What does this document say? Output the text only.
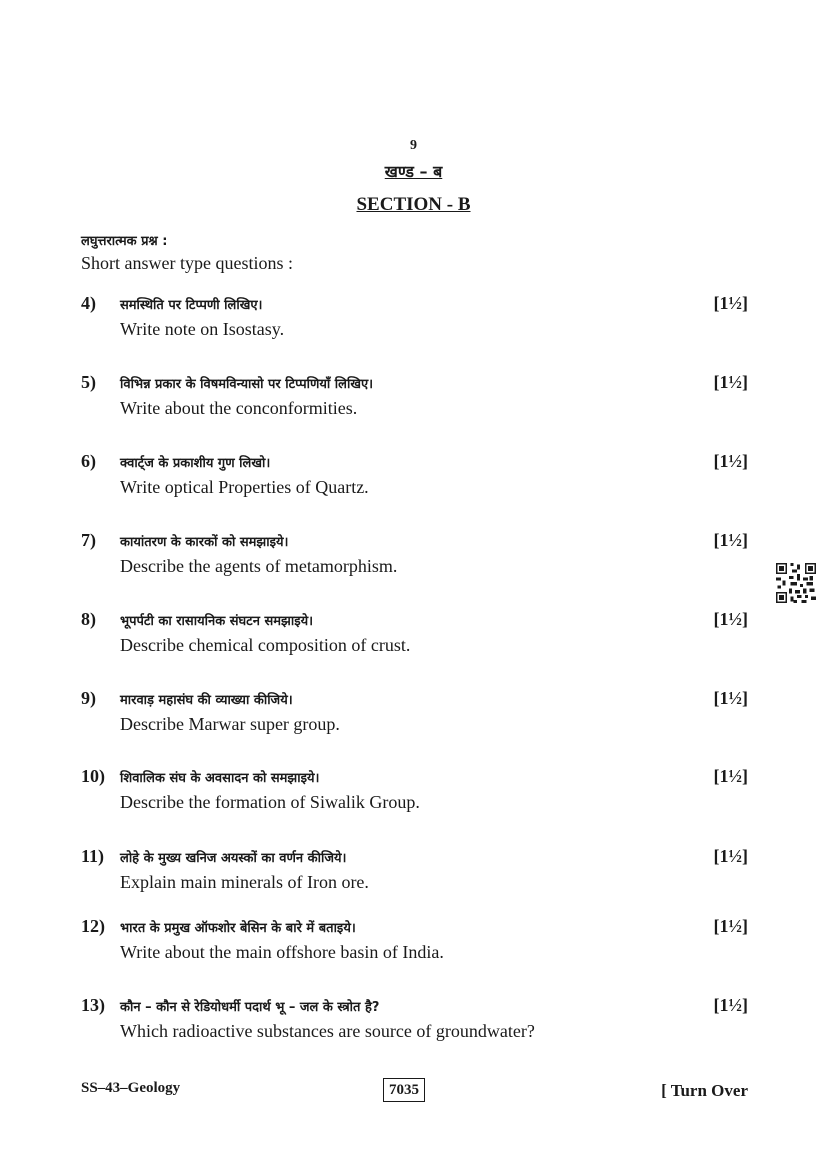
9
खण्ड – ब
SECTION - B
लघुत्तरात्मक प्रश्न :
Short answer type questions :
4) समस्थिति पर टिप्पणी लिखिए।
Write note on Isostasy.
[1½]
5) विभिन्न प्रकार के विषमविन्यासो पर टिप्पणियाँ लिखिए।
Write about the conconformities.
[1½]
6) क्वार्ट्ज के प्रकाशीय गुण लिखो।
Write optical Properties of Quartz.
[1½]
7) कायांतरण के कारकों को समझाइये।
Describe the agents of metamorphism.
[1½]
8) भूपर्पटी का रासायनिक संघटन समझाइये।
Describe chemical composition of crust.
[1½]
9) मारवाड़ महासंघ की व्याख्या कीजिये।
Describe Marwar super group.
[1½]
10) शिवालिक संघ के अवसादन को समझाइये।
Describe the formation of Siwalik Group.
[1½]
11) लोहे के मुख्य खनिज अयस्कों का वर्णन कीजिये।
Explain main minerals of Iron ore.
[1½]
12) भारत के प्रमुख ऑफशोर बेसिन के बारे में बताइये।
Write about the main offshore basin of India.
[1½]
13) कौन – कौन से रेडियोधर्मी पदार्थ भू – जल के स्त्रोत है?
Which radioactive substances are source of groundwater?
[1½]
SS–43–Geology	7035	[ Turn Over
